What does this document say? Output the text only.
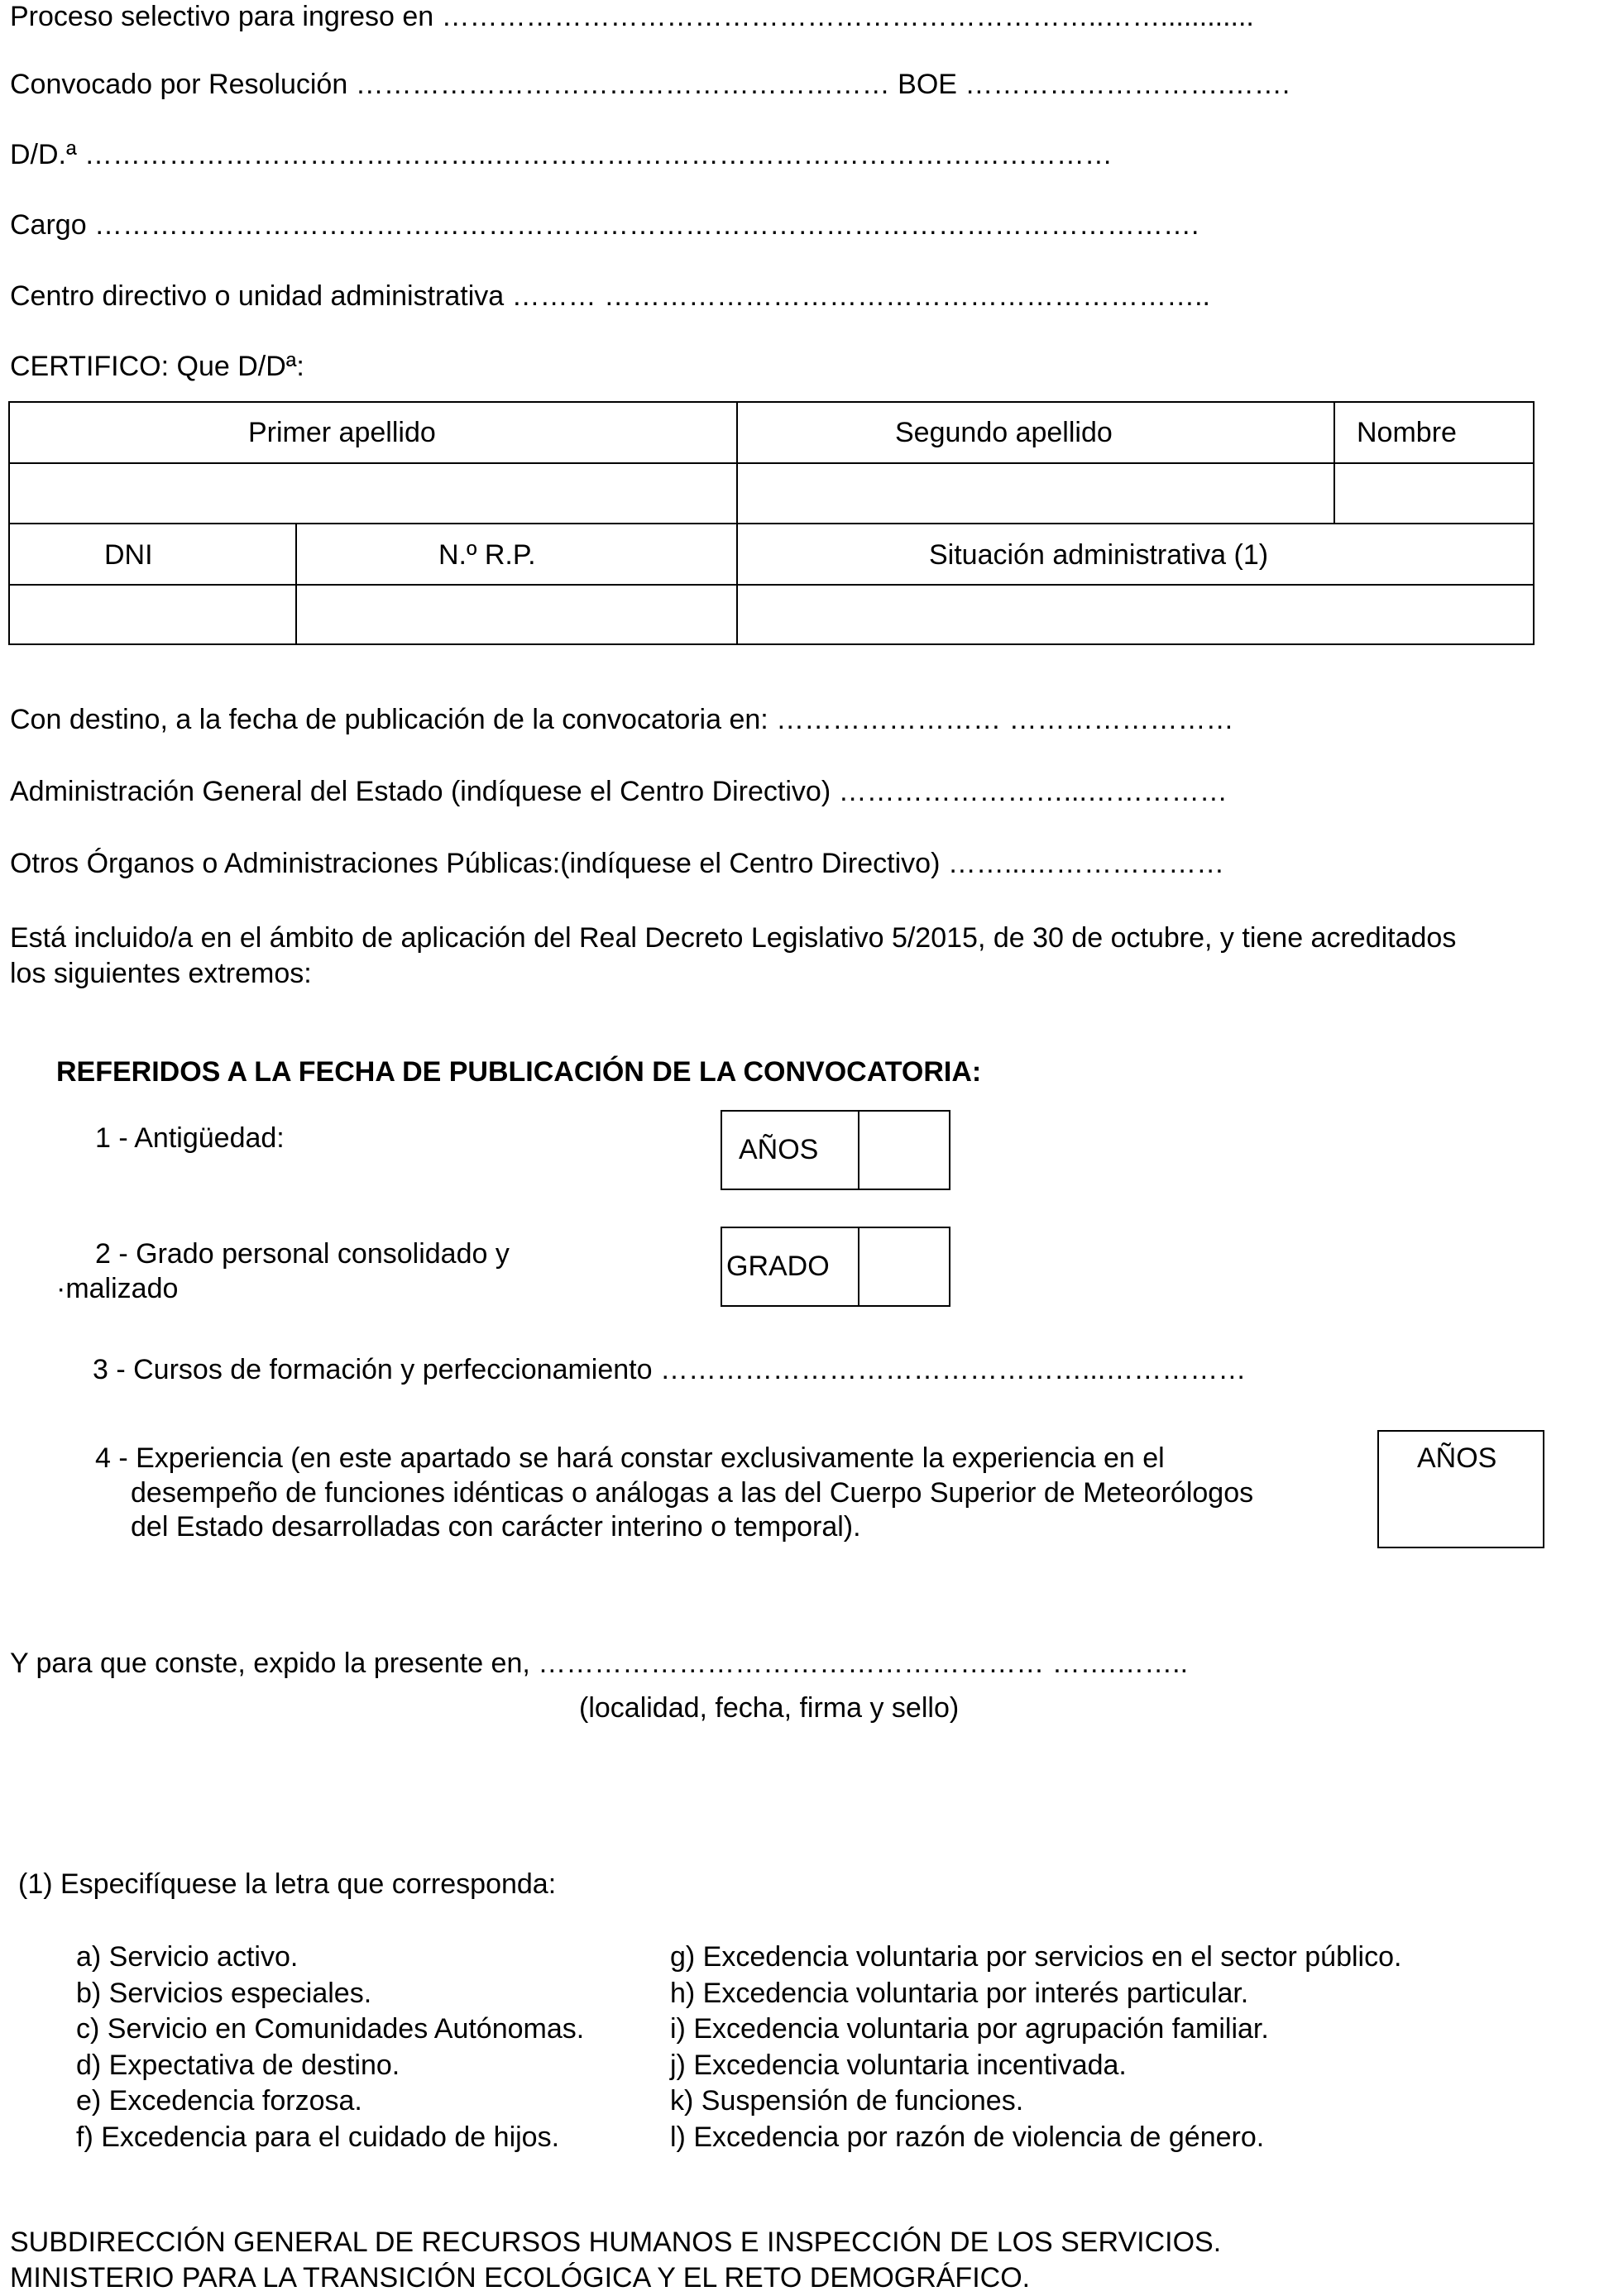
Proceso selectivo para ingreso en ……………………………………………………………..……............
Convocado por Resolución ………………………………………………… BOE ……………………….…….
D/D.ª ……………………………………..…………………………………………………………
Cargo ……………………………………………………………………………………………………….
Centro directivo o unidad administrativa ……… ………………………………………………………..
CERTIFICO: Que D/Dª:
Primer apellido	Segundo apellido	Nombre
DNI	N.º R.P.	Situación administrativa (1)
Con destino, a la fecha de publicación de la convocatoria en: …………………… ……………………
Administración General del Estado (indíquese el Centro Directivo) ……………………...……………
Otros Órganos o Administraciones Públicas:(indíquese el Centro Directivo) ……...…………………
Está incluido/a en el ámbito de aplicación del Real Decreto Legislativo 5/2015, de 30 de octubre, y tiene acreditados
los siguientes extremos:
REFERIDOS A LA FECHA DE PUBLICACIÓN DE LA CONVOCATORIA:
1 - Antigüedad:	AÑOS
2 - Grado personal consolidado y
·malizado
GRADO
3 - Cursos de formación y perfeccionamiento ………………………………………...……………
4 - Experiencia (en este apartado se hará constar exclusivamente la experiencia en el
desempeño de funciones idénticas o análogas a las del Cuerpo Superior de Meteorólogos
del Estado desarrolladas con carácter interino o temporal).
AÑOS
Y para que conste, expido la presente en, ……………………………………………… …….……..
(localidad, fecha, firma y sello)
(1) Especifíquese la letra que corresponda:
a) Servicio activo.
b) Servicios especiales.
c) Servicio en Comunidades Autónomas.
d) Expectativa de destino.
e) Excedencia forzosa.
f) Excedencia para el cuidado de hijos.
g) Excedencia voluntaria por servicios en el sector público.
h) Excedencia voluntaria por interés particular.
i) Excedencia voluntaria por agrupación familiar.
j) Excedencia voluntaria incentivada.
k) Suspensión de funciones.
l) Excedencia por razón de violencia de género.
SUBDIRECCIÓN GENERAL DE RECURSOS HUMANOS E INSPECCIÓN DE LOS SERVICIOS.
MINISTERIO PARA LA TRANSICIÓN ECOLÓGICA Y EL RETO DEMOGRÁFICO.
